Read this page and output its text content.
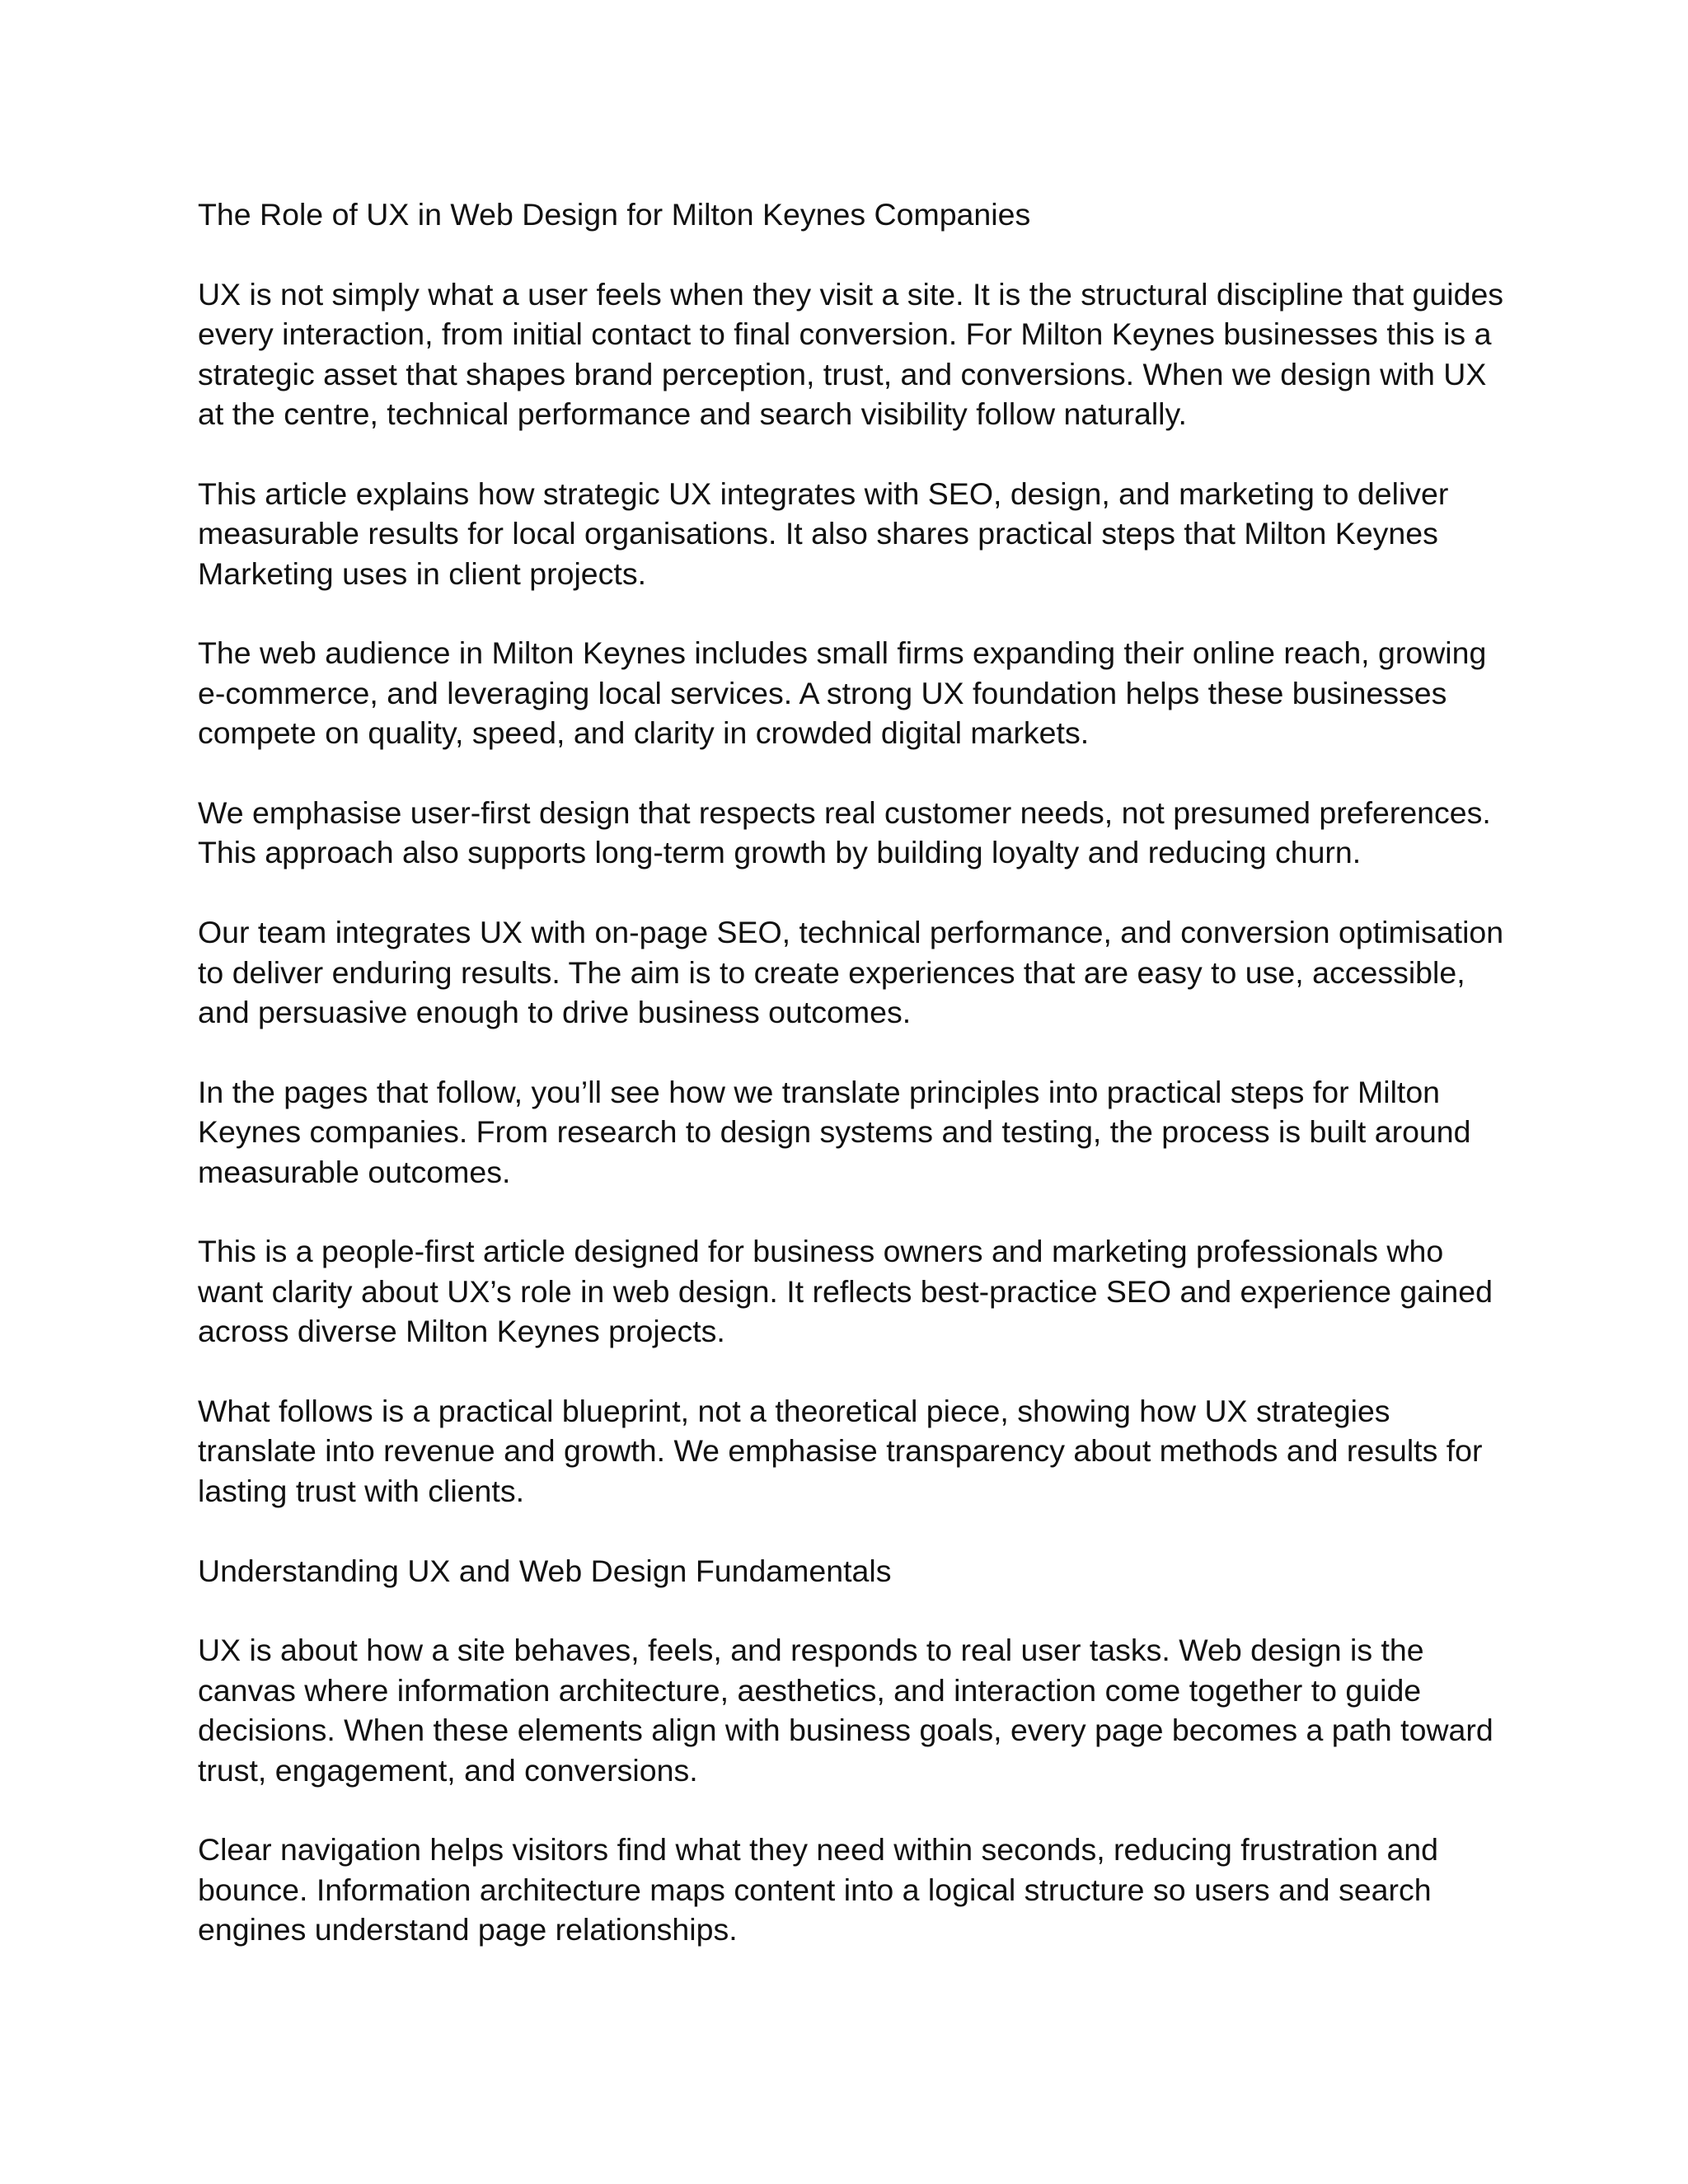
The Role of UX in Web Design for Milton Keynes Companies

UX is not simply what a user feels when they visit a site. It is the structural discipline that guides every interaction, from initial contact to final conversion. For Milton Keynes businesses this is a strategic asset that shapes brand perception, trust, and conversions. When we design with UX at the centre, technical performance and search visibility follow naturally.

This article explains how strategic UX integrates with SEO, design, and marketing to deliver measurable results for local organisations. It also shares practical steps that Milton Keynes Marketing uses in client projects.

The web audience in Milton Keynes includes small firms expanding their online reach, growing e-commerce, and leveraging local services. A strong UX foundation helps these businesses compete on quality, speed, and clarity in crowded digital markets.

We emphasise user-first design that respects real customer needs, not presumed preferences. This approach also supports long-term growth by building loyalty and reducing churn.

Our team integrates UX with on-page SEO, technical performance, and conversion optimisation to deliver enduring results. The aim is to create experiences that are easy to use, accessible, and persuasive enough to drive business outcomes.

In the pages that follow, you’ll see how we translate principles into practical steps for Milton Keynes companies. From research to design systems and testing, the process is built around measurable outcomes.

This is a people-first article designed for business owners and marketing professionals who want clarity about UX’s role in web design. It reflects best-practice SEO and experience gained across diverse Milton Keynes projects.

What follows is a practical blueprint, not a theoretical piece, showing how UX strategies translate into revenue and growth. We emphasise transparency about methods and results for lasting trust with clients.

Understanding UX and Web Design Fundamentals

UX is about how a site behaves, feels, and responds to real user tasks. Web design is the canvas where information architecture, aesthetics, and interaction come together to guide decisions. When these elements align with business goals, every page becomes a path toward trust, engagement, and conversions.

Clear navigation helps visitors find what they need within seconds, reducing frustration and bounce. Information architecture maps content into a logical structure so users and search engines understand page relationships.
